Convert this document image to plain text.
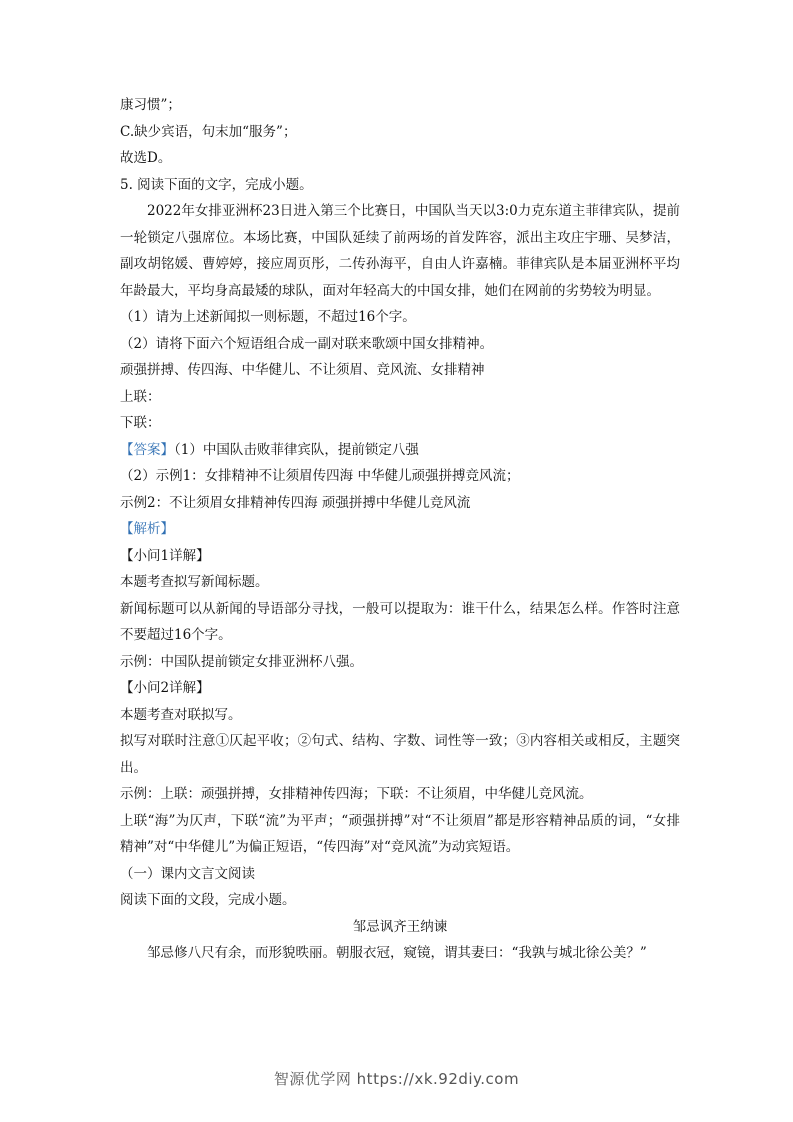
康习惯”；
C.缺少宾语，句末加“服务”；
故选D。
5. 阅读下面的文字，完成小题。
2022年女排亚洲杯23日进入第三个比赛日，中国队当天以3:0力克东道主菲律宾队，提前一轮锁定八强席位。本场比赛，中国队延续了前两场的首发阵容，派出主攻庄宇珊、吴梦洁，副攻胡铭媛、曹婷婷，接应周页彤，二传孙海平，自由人许嘉楠。菲律宾队是本届亚洲杯平均年龄最大，平均身高最矮的球队，面对年轻高大的中国女排，她们在网前的劣势较为明显。
（1）请为上述新闻拟一则标题，不超过16个字。
（2）请将下面六个短语组合成一副对联来歌颂中国女排精神。
顽强拼搏、传四海、中华健儿、不让须眉、竞风流、女排精神
上联：
下联：
【答案】（1）中国队击败菲律宾队，提前锁定八强
（2）示例1：女排精神不让须眉传四海 中华健儿顽强拼搏竞风流；
示例2：不让须眉女排精神传四海 顽强拼搏中华健儿竞风流
【解析】
【小问1详解】
本题考查拟写新闻标题。
新闻标题可以从新闻的导语部分寻找，一般可以提取为：谁干什么，结果怎么样。作答时注意不要超过16个字。
示例：中国队提前锁定女排亚洲杯八强。
【小问2详解】
本题考查对联拟写。
拟写对联时注意①仄起平收；②句式、结构、字数、词性等一致；③内容相关或相反，主题突出。
示例：上联：顽强拼搏，女排精神传四海；下联：不让须眉，中华健儿竞风流。
上联“海”为仄声，下联“流”为平声；“顽强拼搏”对“不让须眉”都是形容精神品质的词，“女排精神”对“中华健儿”为偏正短语，“传四海”对“竞风流”为动宾短语。
（一）课内文言文阅读
阅读下面的文段，完成小题。
邹忌讽齐王纳谏
邹忌修八尺有余，而形貌昳丽。朝服衣冠，窥镜，谓其妻曰：“我孰与城北徐公美？”
智源优学网 https://xk.92diy.com
